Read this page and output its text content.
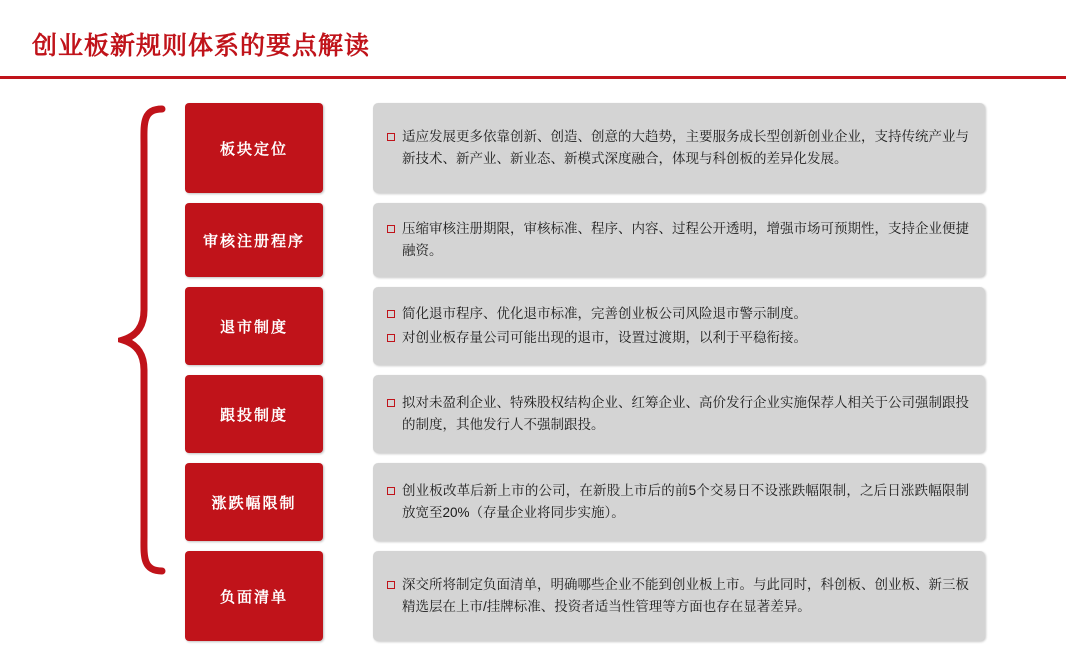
创业板新规则体系的要点解读
板块定位
适应发展更多依靠创新、创造、创意的大趋势，主要服务成长型创新创业企业，支持传统产业与新技术、新产业、新业态、新模式深度融合，体现与科创板的差异化发展。
审核注册程序
压缩审核注册期限，审核标准、程序、内容、过程公开透明，增强市场可预期性，支持企业便捷融资。
退市制度
简化退市程序、优化退市标准，完善创业板公司风险退市警示制度。
对创业板存量公司可能出现的退市，设置过渡期，以利于平稳衔接。
跟投制度
拟对未盈利企业、特殊股权结构企业、红筹企业、高价发行企业实施保荐人相关于公司强制跟投的制度，其他发行人不强制跟投。
涨跌幅限制
创业板改革后新上市的公司，在新股上市后的前5个交易日不设涨跌幅限制，之后日涨跌幅限制放宽至20%（存量企业将同步实施）。
负面清单
深交所将制定负面清单，明确哪些企业不能到创业板上市。与此同时，科创板、创业板、新三板精选层在上市/挂牌标准、投资者适当性管理等方面也存在显著差异。
